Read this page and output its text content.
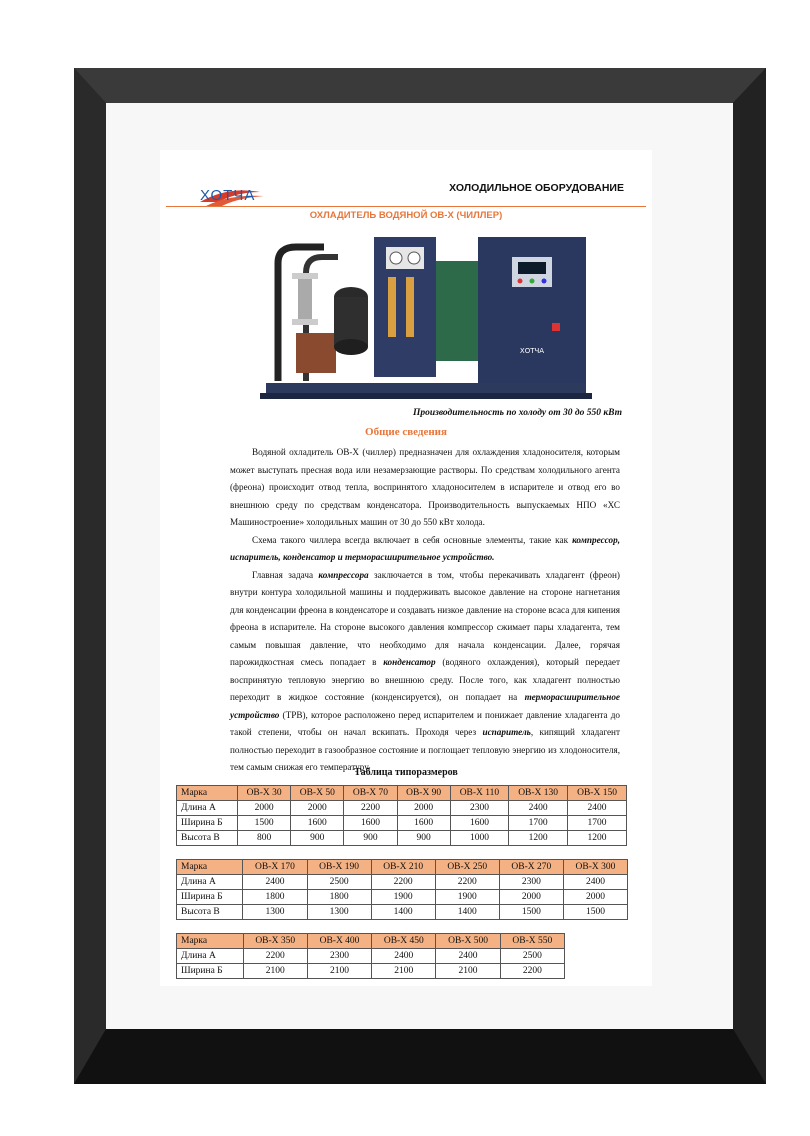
ХОТЧА	ХОЛОДИЛЬНОЕ ОБОРУДОВАНИЕ
ОХЛАДИТЕЛЬ ВОДЯНОЙ ОВ-Х (ЧИЛЛЕР)
ХОТЧА
Производительность по холоду от 30 до 550 кВт
Общие сведения

Водяной охладитель ОВ-Х (чиллер) предназначен для охлаждения хладоносителя, которым может выступать пресная вода или незамерзающие растворы. По средствам холодильного агента (фреона) происходит отвод тепла, воспринятого хладоносителем в испарителе и отвод его во внешнюю среду по средствам конденсатора. Производительность выпускаемых НПО «ХС Машиностроение» холодильных машин от 30 до 550 кВт холода.

Схема такого чиллера всегда включает в себя основные элементы, такие как компрессор, испаритель, конденсатор и терморасширительное устройство.

Главная задача компрессора заключается в том, чтобы перекачивать хладагент (фреон) внутри контура холодильной машины и поддерживать высокое давление на стороне нагнетания для конденсации фреона в конденсаторе и создавать низкое давление на стороне всаса для кипения фреона в испарителе. На стороне высокого давления компрессор сжимает пары хладагента, тем самым повышая давление, что необходимо для начала конденсации. Далее, горячая парожидкостная смесь попадает в конденсатор (водяного охлаждения), который передает воспринятую тепловую энергию во внешнюю среду. После того, как хладагент полностью переходит в жидкое состояние (конденсируется), он попадает на терморасширительное устройство (ТРВ), которое расположено перед испарителем и понижает давление хладагента до такой степени, чтобы он начал вскипать. Проходя через испаритель, кипящий хладагент полностью переходит в газообразное состояние и поглощает тепловую энергию из хлодоносителя, тем самым снижая его температуру.

Таблица типоразмеров
Марка	ОВ-Х 30	ОВ-Х 50	ОВ-Х 70	ОВ-Х 90	ОВ-Х 110	ОВ-Х 130	ОВ-Х 150
Длина А	2000	2000	2200	2000	2300	2400	2400
Ширина Б	1500	1600	1600	1600	1600	1700	1700
Высота В	800	900	900	900	1000	1200	1200
Марка	ОВ-Х 170	ОВ-Х 190	ОВ-Х 210	ОВ-Х 250	ОВ-Х 270	ОВ-Х 300
Длина А	2400	2500	2200	2200	2300	2400
Ширина Б	1800	1800	1900	1900	2000	2000
Высота В	1300	1300	1400	1400	1500	1500
Марка	ОВ-Х 350	ОВ-Х 400	ОВ-Х 450	ОВ-Х 500	ОВ-Х 550
Длина А	2200	2300	2400	2400	2500
Ширина Б	2100	2100	2100	2100	2200
